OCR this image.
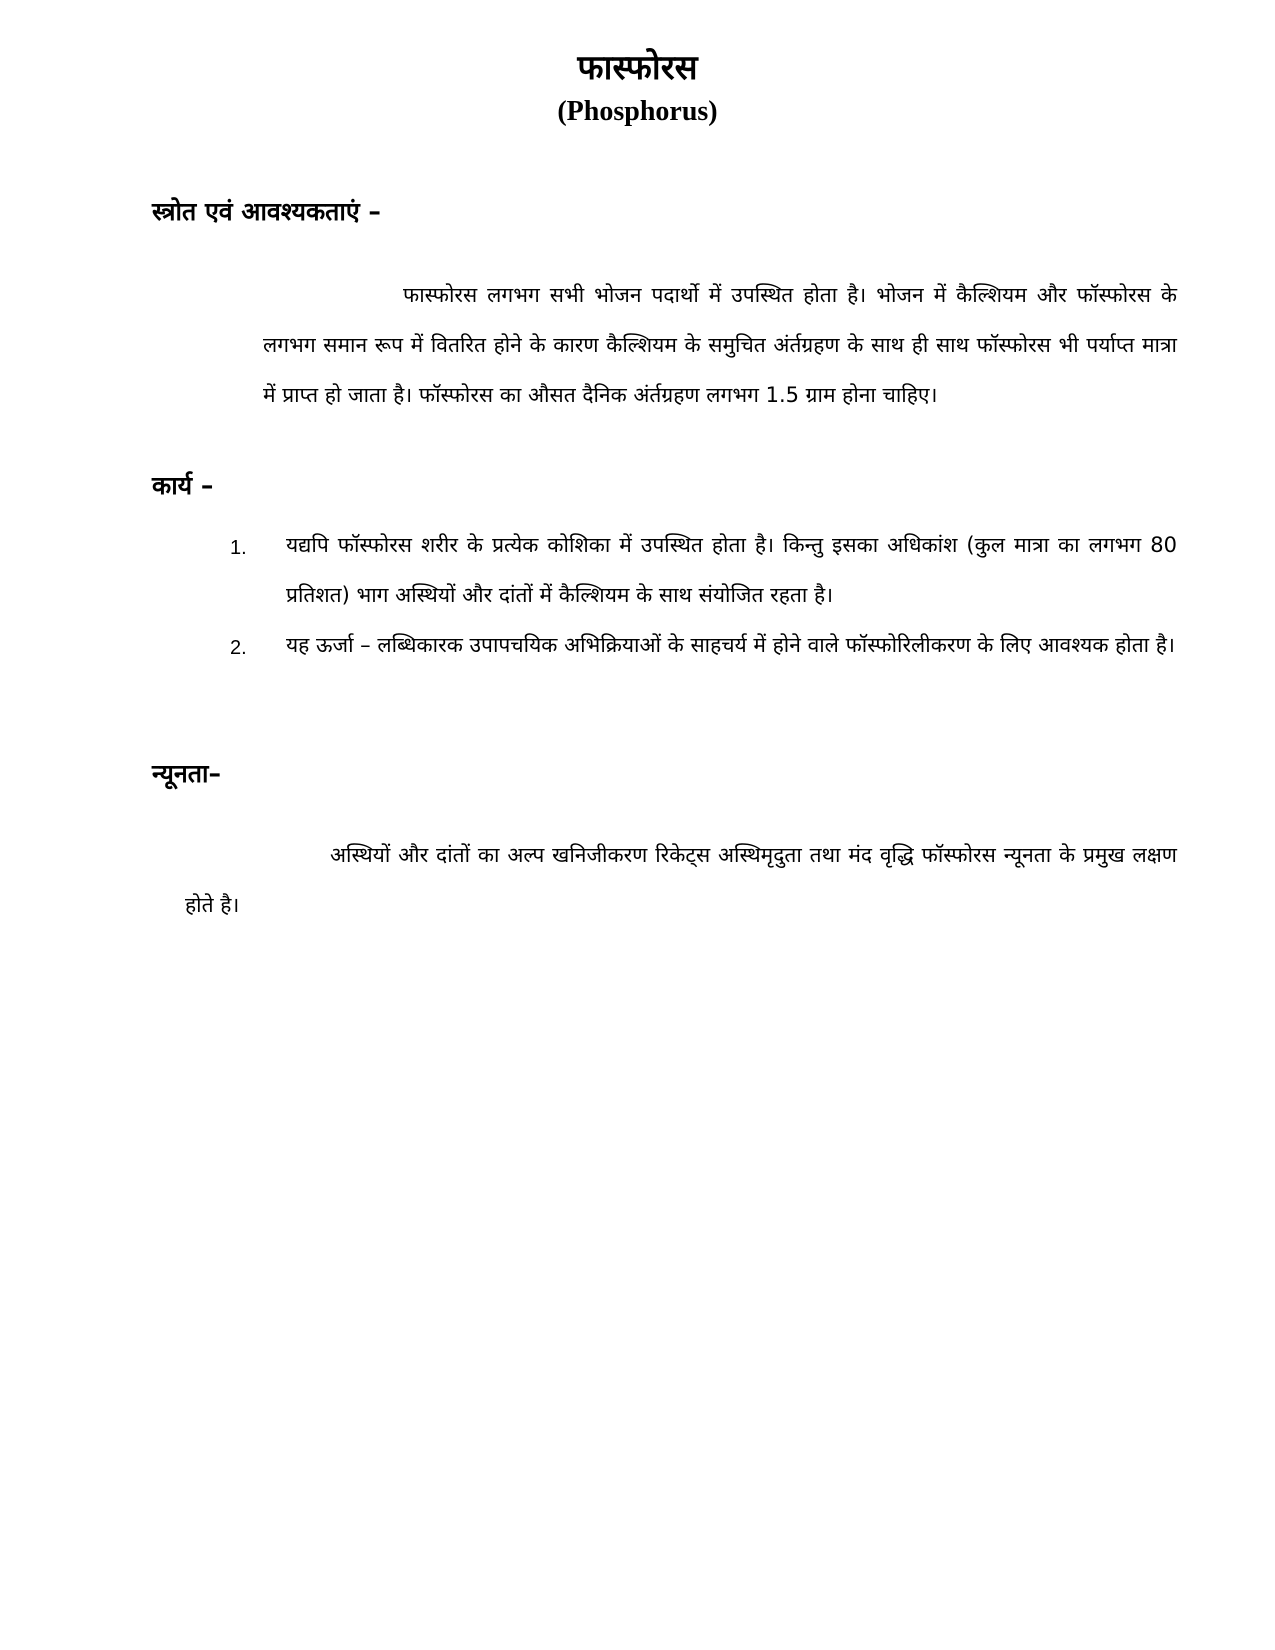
फास्फोरस
(Phosphorus)
स्त्रोत एवं आवश्यकताएं –

फास्फोरस लगभग सभी भोजन पदार्थो में उपस्थित होता है। भोजन में कैल्शियम और फॉस्फोरस के लगभग समान रूप में वितरित होने के कारण कैल्शियम के समुचित अंर्तग्रहण के साथ ही साथ फॉस्फोरस भी पर्याप्त मात्रा में प्राप्त हो जाता है। फॉस्फोरस का औसत दैनिक अंर्तग्रहण लगभग 1.5 ग्राम होना चाहिए।

कार्य –
1. यद्यपि फॉस्फोरस शरीर के प्रत्येक कोशिका में उपस्थित होता है। किन्तु इसका अधिकांश (कुल मात्रा का लगभग 80 प्रतिशत) भाग अस्थियों और दांतों में कैल्शियम के साथ संयोजित रहता है।
2. यह ऊर्जा – लब्धिकारक उपापचयिक अभिक्रियाओं के साहचर्य में होने वाले फॉस्फोरिलीकरण के लिए आवश्यक होता है।
न्यूनता–

अस्थियों और दांतों का अल्प खनिजीकरण रिकेट्स अस्थिमृदुता तथा मंद वृद्धि फॉस्फोरस न्यूनता के प्रमुख लक्षण होते है।
